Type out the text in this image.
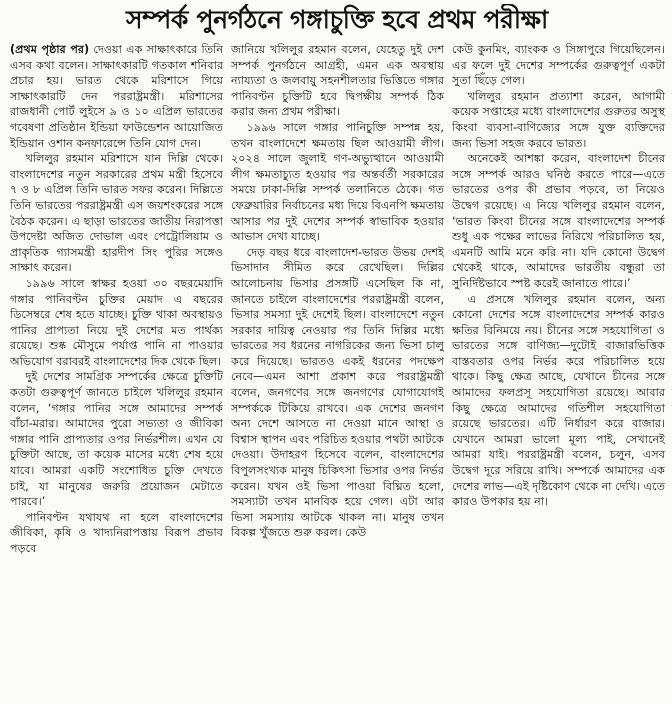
সম্পর্ক পুনর্গঠনে গঙ্গাচুক্তি হবে প্রথম পরীক্ষা

(প্রথম পৃষ্ঠার পর) দেওয়া এক সাক্ষাৎকারে তিনি এসব কথা বলেন। সাক্ষাৎকারটি গতকাল শনিবার প্রচার হয়। ভারত থেকে মরিশাসে গিয়ে সাক্ষাৎকারটি দেন পররাষ্ট্রমন্ত্রী। মরিশাসের রাজধানী পোর্ট লুইসে ৯ ও ১০ এপ্রিল ভারতের গবেষণা প্রতিষ্ঠান ইন্ডিয়া ফাউন্ডেশন আয়োজিত ইন্ডিয়ান ওশান কনফারেন্সে তিনি যোগ দেন।

খলিলুর রহমান মরিশাসে যান দিল্লি থেকে। বাংলাদেশের নতুন সরকারের প্রথম মন্ত্রী হিসেবে ৭ ও ৮ এপ্রিল তিনি ভারত সফর করেন। দিল্লিতে তিনি ভারতের পররাষ্ট্রমন্ত্রী এস জয়শংকরের সঙ্গে বৈঠক করেন। এ ছাড়া ভারতের জাতীয় নিরাপত্তা উপদেষ্টা অজিত দোভাল এবং পেট্রোলিয়াম ও প্রাকৃতিক গ্যাসমন্ত্রী হারদীপ সিং পুরির সঙ্গেও সাক্ষাৎ করেন।

১৯৯৬ সালে স্বাক্ষর হওয়া ৩০ বছরমেয়াদি গঙ্গার পানিবণ্টন চুক্তির মেয়াদ এ বছরের ডিসেম্বরে শেষ হতে যাচ্ছে। চুক্তি থাকা অবস্থায়ও পানির প্রাপ্যতা নিয়ে দুই দেশের মত পার্থক্য রয়েছে। শুষ্ক মৌসুমে পর্যাপ্ত পানি না পাওয়ার অভিযোগ বরাবরই বাংলাদেশের দিক থেকে ছিল।

দুই দেশের সামগ্রিক সম্পর্কের ক্ষেত্রে চুক্তিটি কতটা গুরুত্বপূর্ণ জানতে চাইলে খলিলুর রহমান বলেন, ‘গঙ্গার পানির সঙ্গে আমাদের সম্পর্ক বাঁচা-মরার। আমাদের পুরো সভ্যতা ও জীবিকা গঙ্গার পানি প্রাপ্যতার ওপর নির্ভরশীল। এখন যে চুক্তিটা আছে, তা কয়েক মাসের মধ্যে শেষ হয়ে যাবে। আমরা একটি সংশোধিত চুক্তি দেখতে চাই, যা মানুষের জরুরি প্রয়োজন মেটাতে পারবে।’

পানিবণ্টন যথাযথ না হলে বাংলাদেশের জীবিকা, কৃষি ও খাদ্যনিরাপত্তায় বিরূপ প্রভাব পড়বে

জানিয়ে খলিলুর রহমান বলেন, যেহেতু দুই দেশ সম্পর্ক পুনর্গঠনে আগ্রহী, এমন এক অবস্থায় ন্যায্যতা ও জলবায়ু সহনশীলতার ভিত্তিতে গঙ্গার পানিবণ্টন চুক্তিটি হবে দ্বিপক্ষীয় সম্পর্ক ঠিক করার জন্য প্রথম পরীক্ষা।

১৯৯৬ সালে গঙ্গার পানিচুক্তি সম্পন্ন হয়, তখন বাংলাদেশে ক্ষমতায় ছিল আওয়ামী লীগ। ২০২৪ সালে জুলাই গণ-অভ্যুত্থানে আওয়ামী লীগ ক্ষমতাচ্যুত হওয়ার পর অন্তর্বর্তী সরকারের সময়ে ঢাকা-দিল্লি সম্পর্ক তলানিতে ঠেকে। গত ফেব্রুয়ারির নির্বাচনের মধ্য দিয়ে বিএনপি ক্ষমতায় আসার পর দুই দেশের সম্পর্ক স্বাভাবিক হওয়ার আভাস দেখা যাচ্ছে।

দেড় বছর ধরে বাংলাদেশ-ভারত উভয় দেশই ভিসাদান সীমিত করে রেখেছিল। দিল্লির আলোচনায় ভিসার প্রসঙ্গটি এসেছিল কি না, জানতে চাইলে বাংলাদেশের পররাষ্ট্রমন্ত্রী বলেন, ভিসার সমস্যা দুই দেশেই ছিল। বাংলাদেশে নতুন সরকার দায়িত্ব নেওয়ার পর তিনি দিল্লির মধ্যে ভারতের সব ধরনের নাগরিকের জন্য ভিসা চালু করে দিয়েছে। ভারতও একই ধরনের পদক্ষেপ নেবে—এমন আশা প্রকাশ করে পররাষ্ট্রমন্ত্রী বলেন, জনগণের সঙ্গে জনগণের যোগাযোগই সম্পর্ককে টিকিয়ে রাখবে। এক দেশের জনগণ অন্য দেশে আসতে না দেওয়া মানে আস্থা ও বিশ্বাস স্থাপন এবং পরিচিত হওয়ার পথটা আটকে দেওয়া। উদাহরণ হিসেবে বলেন, বাংলাদেশের বিপুলসংখ্যক মানুষ চিকিৎসা ভিসার ওপর নির্ভর করেন। যখন ওই ভিসা পাওয়া বিঘ্নিত হলো, সমস্যাটা তখন মানবিক হয়ে গেল। এটা আর ভিসা সমস্যায় আটকে থাকল না। মানুষ তখন বিকল্প খুঁজতে শুরু করল। কেউ

কেউ কুনমিং, ব্যাংকক ও সিঙ্গাপুরে গিয়েছিলেন। এর ফলে দুই দেশের সম্পর্কের গুরুত্বপূর্ণ একটা সুতা ছিঁড়ে গেল।

খলিলুর রহমান প্রত্যাশা করেন, আগামী কয়েক সপ্তাহের মধ্যে বাংলাদেশের গুরুতর অসুস্থ কিংবা ব্যবসা-বাণিজ্যের সঙ্গে যুক্ত ব্যক্তিদের জন্য ভিসা সহজ করবে ভারত।

অনেকেই আশঙ্কা করেন, বাংলাদেশ চীনের সঙ্গে সম্পর্ক আরও ঘনিষ্ঠ করতে পারে—এতে ভারতের ওপর কী প্রভাব পড়বে, তা নিয়েও উদ্বেগ রয়েছে। এ নিয়ে খলিলুর রহমান বলেন, ‘ভারত কিংবা চীনের সঙ্গে বাংলাদেশের সম্পর্ক শুধু এক পক্ষের লাভের নিরিখে পরিচালিত হয়, এমনটি আমি মনে করি না। যদি কোনো উদ্বেগ থেকেই থাকে, আমাদের ভারতীয় বন্ধুরা তা সুনির্দিষ্টভাবে স্পষ্ট করেই জানাতে পারে।’

এ প্রসঙ্গে খলিলুর রহমান বলেন, অন্য কোনো দেশের সঙ্গে বাংলাদেশের সম্পর্ক কারও ক্ষতির বিনিময়ে নয়। চীনের সঙ্গে সহযোগিতা ও ভারতের সঙ্গে বাণিজ্য—দুটোই বাজারভিত্তিক বাস্তবতার ওপর নির্ভর করে পরিচালিত হয়ে থাকে। কিছু ক্ষেত্র আছে, যেখানে চীনের সঙ্গে আমাদের ফলপ্রসূ সহযোগিতা রয়েছে। আবার কিছু ক্ষেত্রে আমাদের গতিশীল সহযোগিতা রয়েছে ভারতের। এটি নির্ধারণ করে বাজার। যেখানে আমরা ভালো মূল্য পাই, সেখানেই আমরা যাই। পররাষ্ট্রমন্ত্রী বলেন, চলুন, এসব উদ্বেগ দূরে সরিয়ে রাখি। সম্পর্কে আমাদের এক দেশের লাভ—এই দৃষ্টিকোণ থেকে না দেখি। এতে কারও উপকার হয় না।
